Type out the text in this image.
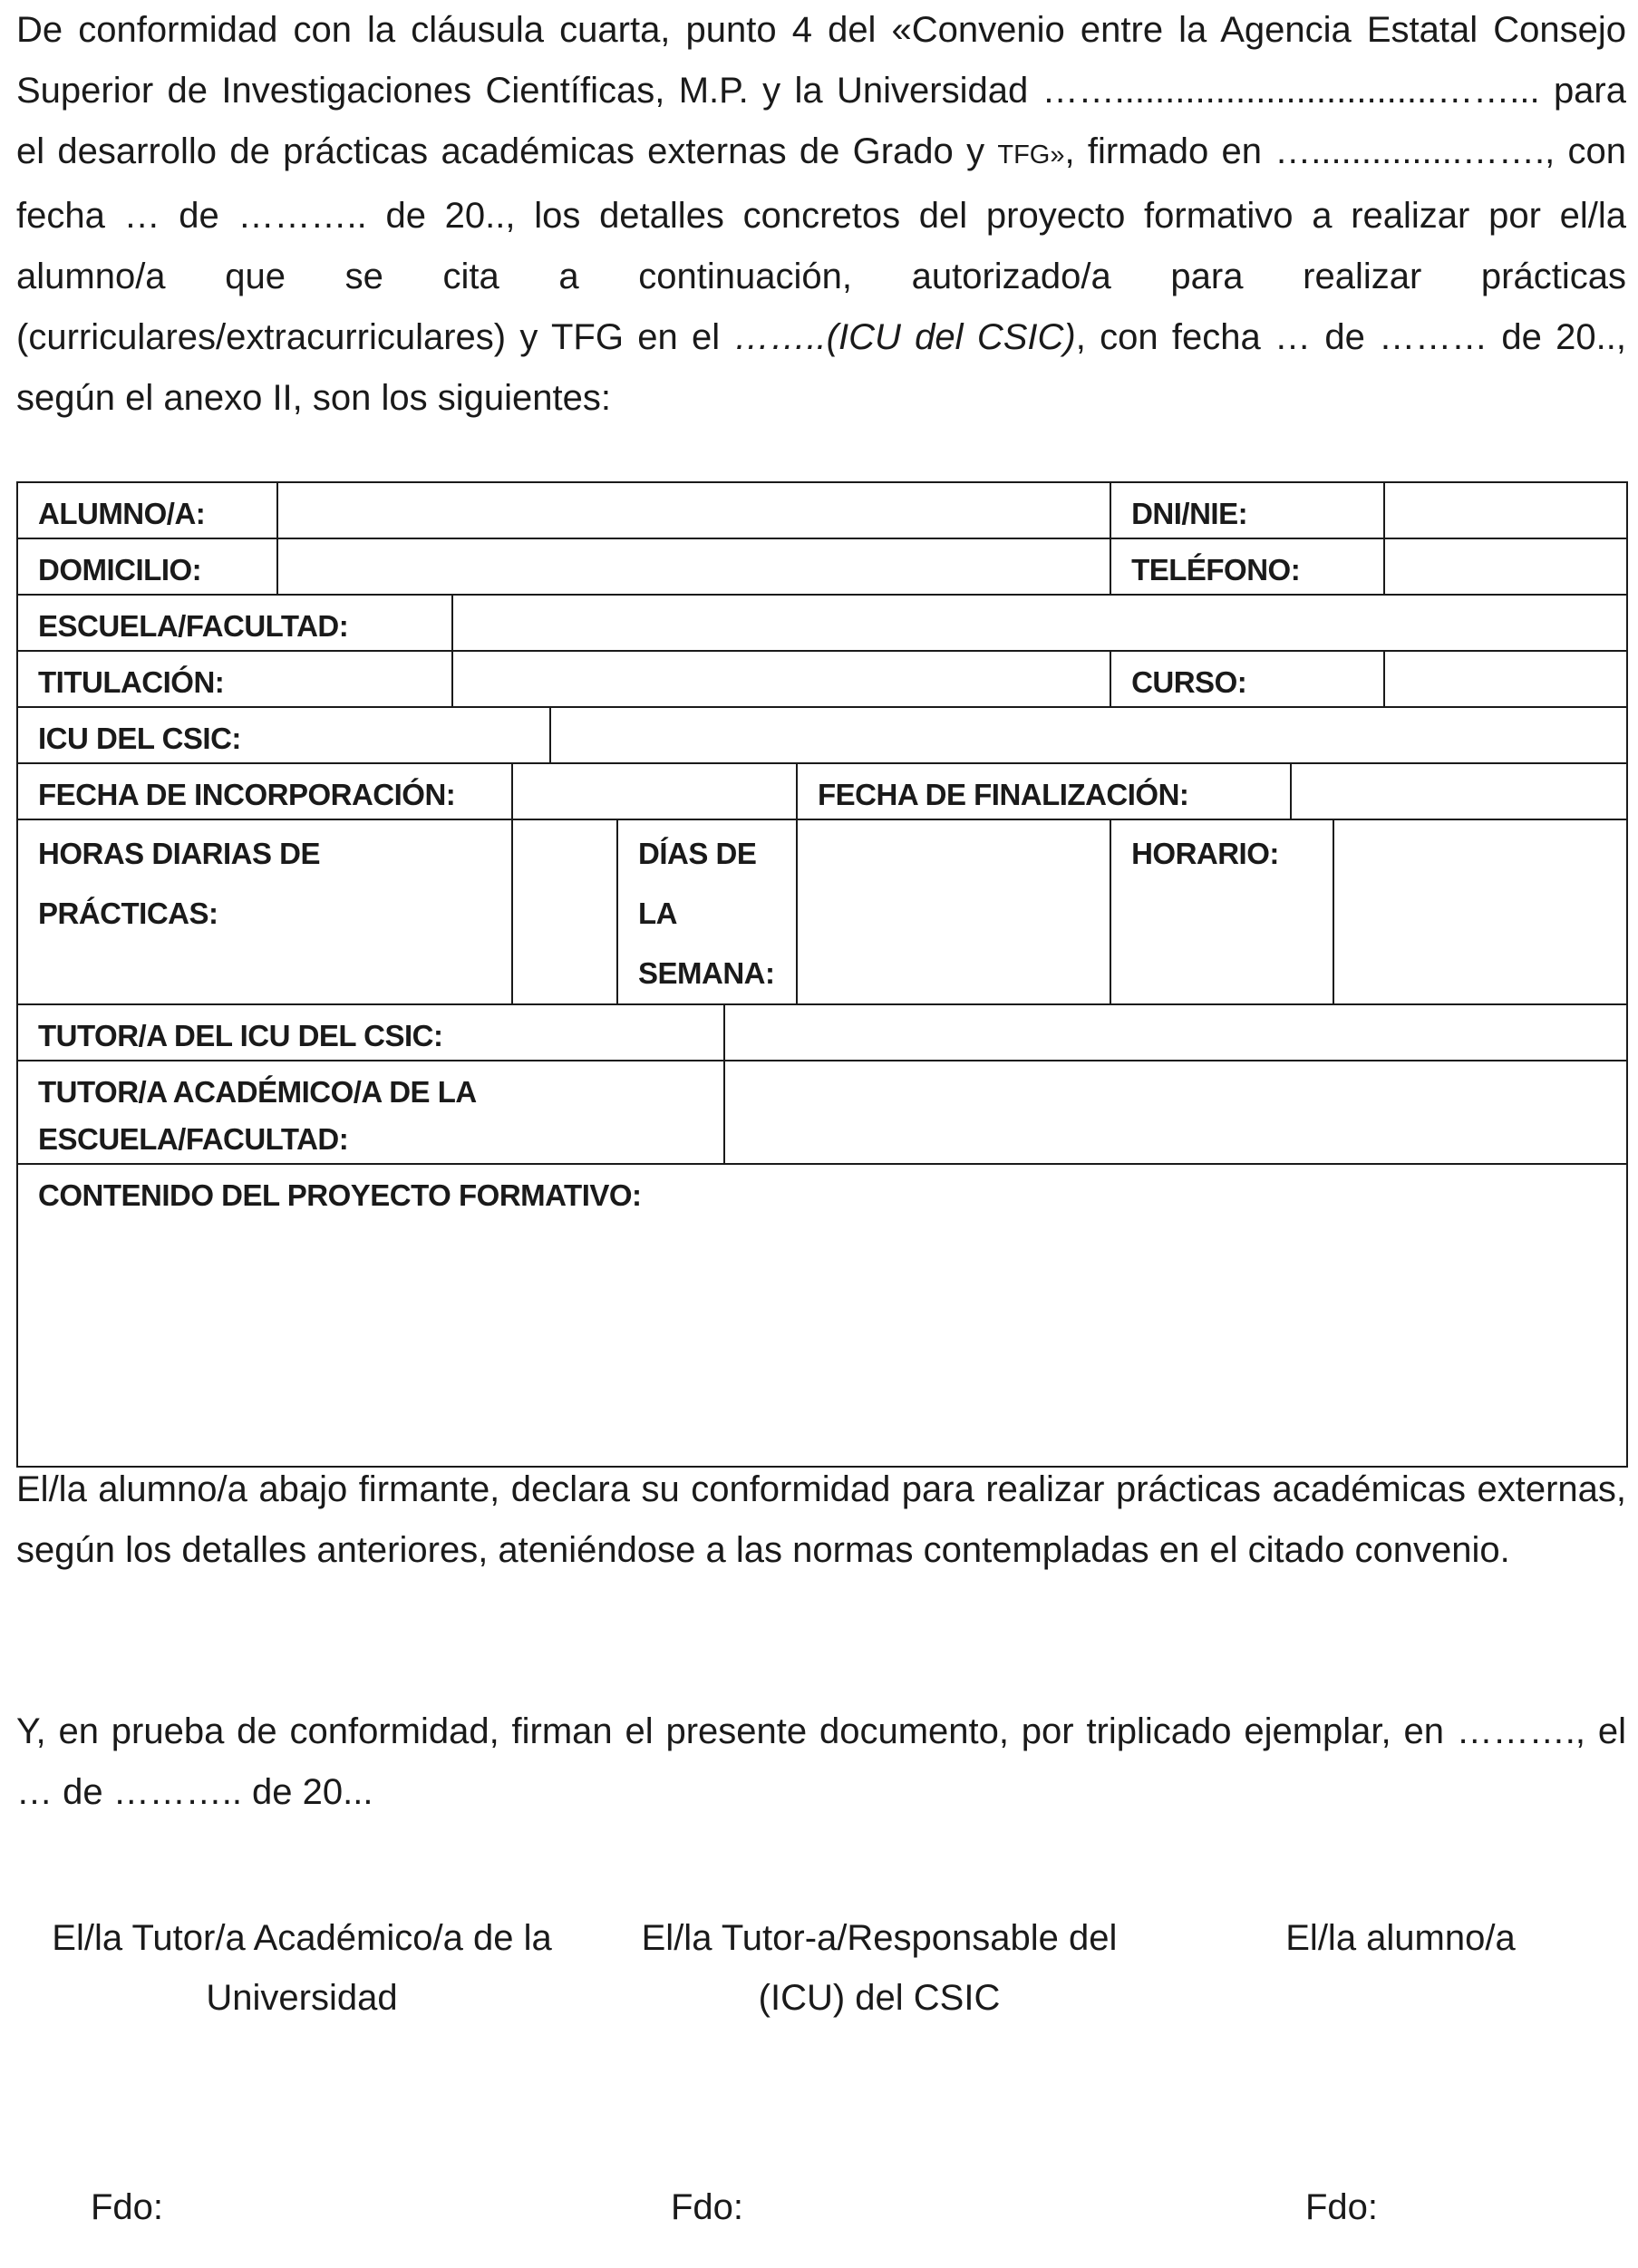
De conformidad con la cláusula cuarta, punto 4 del «Convenio entre la Agencia Estatal Consejo Superior de Investigaciones Científicas, M.P. y la Universidad ……................................……... para el desarrollo de prácticas académicas externas de Grado y TFG», firmado en …...............……., con fecha … de ……….. de 20.., los detalles concretos del proyecto formativo a realizar por el/la alumno/a que se cita a continuación, autorizado/a para realizar prácticas (curriculares/extracurriculares) y TFG en el ……..(ICU del CSIC), con fecha … de ……… de 20.., según el anexo II, son los siguientes:
ALUMNO/A:								DNI/NIE:			
DOMICILIO:								TELÉFONO:			
ESCUELA/FACULTAD:											
TITULACIÓN:								CURSO:			
ICU DEL CSIC:											
FECHA DE INCORPORACIÓN:							FECHA DE FINALIZACIÓN:				
HORAS DIARIAS DE PRÁCTICAS:					DÍAS DE LA SEMANA:			HORARIO:			
TUTOR/A DEL ICU DEL CSIC:											
TUTOR/A ACADÉMICO/A DE LA ESCUELA/FACULTAD:											
CONTENIDO DEL PROYECTO FORMATIVO:											
El/la alumno/a abajo firmante, declara su conformidad para realizar prácticas académicas externas, según los detalles anteriores, ateniéndose a las normas contempladas en el citado convenio.
Y, en prueba de conformidad, firman el presente documento, por triplicado ejemplar, en ………., el … de ……….. de 20...
El/la Tutor/a Académico/a de la Universidad
El/la Tutor-a/Responsable del (ICU) del CSIC
El/la alumno/a
Fdo:	Fdo:	Fdo:
